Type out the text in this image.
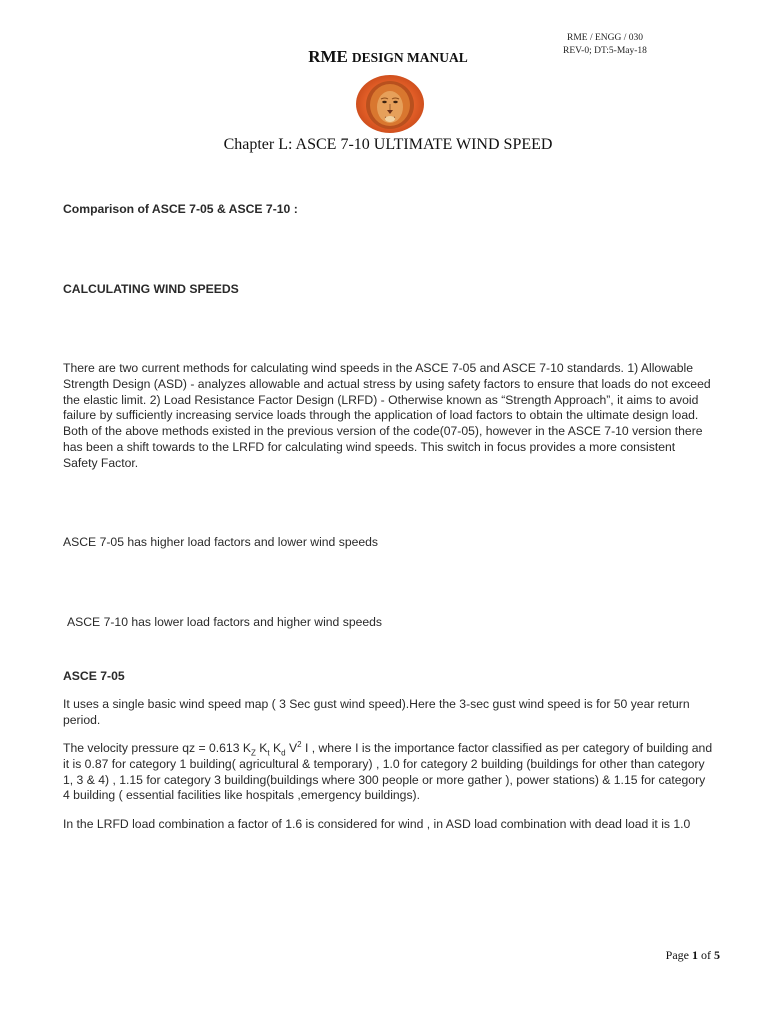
RME / ENGG / 030
REV-0; DT:5-May-18
RME DESIGN MANUAL
Chapter L: ASCE 7-10 ULTIMATE WIND SPEED
Comparison of ASCE 7-05 & ASCE 7-10 :
CALCULATING WIND SPEEDS
There are two current methods for calculating wind speeds in the ASCE 7-05 and ASCE 7-10 standards. 1) Allowable Strength Design (ASD) - analyzes allowable and actual stress by using safety factors to ensure that loads do not exceed the elastic limit. 2) Load Resistance Factor Design (LRFD) - Otherwise known as “Strength Approach”, it aims to avoid failure by sufficiently increasing service loads through the application of load factors to obtain the ultimate design load. Both of the above methods existed in the previous version of the code(07-05), however in the ASCE 7-10 version there has been a shift towards to the LRFD for calculating wind speeds. This switch in focus provides a more consistent Safety Factor.
ASCE 7-05 has higher load factors and lower wind speeds
ASCE 7-10 has lower load factors and higher wind speeds
ASCE 7-05
It uses a single basic wind speed map ( 3 Sec gust wind speed).Here the 3-sec gust wind speed is for 50 year return period.
The velocity pressure qz = 0.613 $K_Z$ $K_t$ $K_d$ $V^2$ I , where I is the importance factor classified as per category of building and it is 0.87 for category 1 building( agricultural & temporary) , 1.0 for category 2 building (buildings for other than category 1, 3 & 4) , 1.15 for category 3 building(buildings where 300 people or more gather ), power stations) & 1.15 for category 4 building ( essential facilities like hospitals ,emergency buildings).
In the LRFD load combination a factor of 1.6 is considered for wind , in ASD load combination with dead load it is 1.0
Page 1 of 5
